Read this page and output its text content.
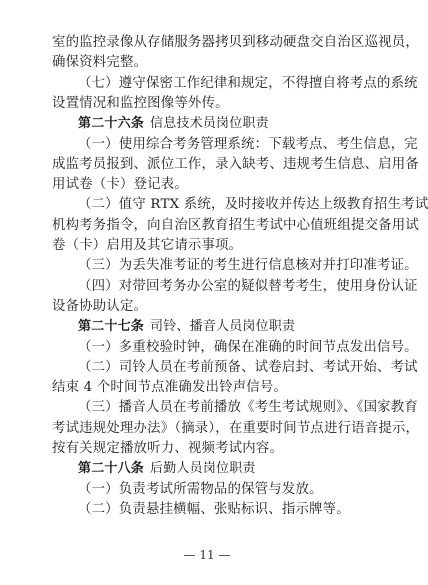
室的监控录像从存储服务器拷贝到移动硬盘交自治区巡视员，
确保资料完整。
（七）遵守保密工作纪律和规定，不得擅自将考点的系统
设置情况和监控图像等外传。
第二十六条 信息技术员岗位职责
（一）使用综合考务管理系统：下载考点、考生信息，完
成监考员报到、派位工作，录入缺考、违规考生信息、启用备
用试卷（卡）登记表。
（二）值守 RTX 系统，及时接收并传达上级教育招生考试
机构考务指令，向自治区教育招生考试中心值班组提交备用试
卷（卡）启用及其它请示事项。
（三）为丢失准考证的考生进行信息核对并打印准考证。
（四）对带回考务办公室的疑似替考考生，使用身份认证
设备协助认定。
第二十七条 司铃、播音人员岗位职责
（一）多重校验时钟，确保在准确的时间节点发出信号。
（二）司铃人员在考前预备、试卷启封、考试开始、考试
结束 4 个时间节点准确发出铃声信号。
（三）播音人员在考前播放《考生考试规则》、《国家教育
考试违规处理办法》（摘录），在重要时间节点进行语音提示，
按有关规定播放听力、视频考试内容。
第二十八条 后勤人员岗位职责
（一）负责考试所需物品的保管与发放。
（二）负责悬挂横幅、张贴标识、指示牌等。
— 11 —
